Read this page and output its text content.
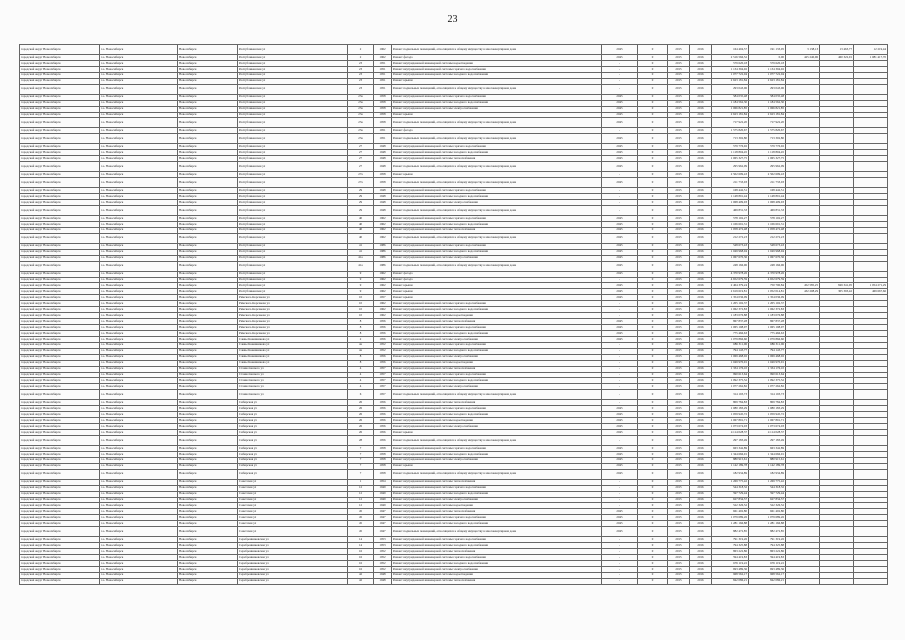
23
городской округ Новосибирск	г.о. Новосибирск	Новосибирск	Республиканская ул	2	1962	Ремонт подвальных помещений, относящихся к общему имуществу в многоквартирном доме	2045	0	2015	2016	164 404,57	191 133,05	3 138,13	13 463,77	12 219,44
городской округ Новосибирск	г.о. Новосибирск	Новосибирск	Республиканская ул	2	1962	Ремонт фасада	2045	0	2015	2016	2 516 566,52	0,00	425 240,96	460 322,91	1 081 417,70
городской округ Новосибирск	г.о. Новосибирск	Новосибирск	Республиканская ул	23	1951	Ремонт внутридомовой инженерной системы водоотведения	-	0	2015	2016	579 620,18	579 620,18			
городской округ Новосибирск	г.о. Новосибирск	Новосибирск	Республиканская ул	23	1951	Ремонт внутридомовой инженерной системы горячего водоснабжения	-	0	2015	2016	1 134 394,92	1 134 394,92			
городской округ Новосибирск	г.о. Новосибирск	Новосибирск	Республиканская ул	23	1951	Ремонт внутридомовой инженерной системы холодного водоснабжения	-	0	2015	2016	1 077 722,04	1 077 722,04			
городской округ Новосибирск	г.о. Новосибирск	Новосибирск	Республиканская ул	23	1951	Ремонт крыши	-	0	2015	2016	2 623 181,84	2 623 181,84			
городской округ Новосибирск	г.о. Новосибирск	Новосибирск	Республиканская ул	23	1951	Ремонт подвальных помещений, относящихся к общему имуществу в многоквартирном доме	-	0	2015	2016	293 043,06	293 043,06			
городской округ Новосибирск	г.о. Новосибирск	Новосибирск	Республиканская ул	23а	1958	Ремонт внутридомовой инженерной системы горячего водоснабжения	2045	0	2015	2016	584 035,48	584 035,48			
городской округ Новосибирск	г.о. Новосибирск	Новосибирск	Республиканская ул	23а	1958	Ремонт внутридомовой инженерной системы холодного водоснабжения	2045	0	2015	2016	1 184 562,30	1 184 562,30			
городской округ Новосибирск	г.о. Новосибирск	Новосибирск	Республиканская ул	23а	1958	Ремонт внутридомовой инженерной системы электроснабжения	2045	0	2015	2016	1 066 821,85	1 066 821,85			
городской округ Новосибирск	г.о. Новосибирск	Новосибирск	Республиканская ул	23а	1958	Ремонт крыши	2045	0	2015	2016	2 623 181,84	2 623 181,84			
городской округ Новосибирск	г.о. Новосибирск	Новосибирск	Республиканская ул	23а	1958	Ремонт подвальных помещений, относящихся к общему имуществу в многоквартирном доме	2045	0	2015	2016	717 922,20	717 922,20			
городской округ Новосибирск	г.о. Новосибирск	Новосибирск	Республиканская ул	23а	1951	Ремонт фасада	-	0	2015	2016	1 575 820,67	1 575 820,67			
городской округ Новосибирск	г.о. Новосибирск	Новосибирск	Республиканская ул	23а	1951	Ремонт подвальных помещений, относящихся к общему имуществу в многоквартирном доме	2045	0	2015	2016	713 302,80	713 302,80			
городской округ Новосибирск	г.о. Новосибирск	Новосибирск	Республиканская ул	27	1948	Ремонт внутридомовой инженерной системы горячего водоснабжения	2045	0	2015	2016	579 776,92	579 776,92			
городской округ Новосибирск	г.о. Новосибирск	Новосибирск	Республиканская ул	27	1948	Ремонт внутридомовой инженерной системы холодного водоснабжения	2045	0	2015	2016	1 118 804,45	1 118 804,45			
городской округ Новосибирск	г.о. Новосибирск	Новосибирск	Республиканская ул	27	1948	Ремонт внутридомовой инженерной системы теплоснабжения	2045	0	2015	2016	1 065 327,75	1 065 327,75			
городской округ Новосибирск	г.о. Новосибирск	Новосибирск	Республиканская ул	27	1948	Ремонт подвальных помещений, относящихся к общему имуществу в многоквартирном доме	2045	0	2015	2016	295 962,09	295 962,09			
городской округ Новосибирск	г.о. Новосибирск	Новосибирск	Республиканская ул	27а	1958	Ремонт крыши	-	0	2015	2016	2 502 699,43	2 502 699,43			
городской округ Новосибирск	г.о. Новосибирск	Новосибирск	Республиканская ул	27а	1958	Ремонт подвальных помещений, относящихся к общему имуществу в многоквартирном доме	2045	0	2015	2016	211 733,03	211 733,03			
городской округ Новосибирск	г.о. Новосибирск	Новосибирск	Республиканская ул	29	1948	Ремонт внутридомовой инженерной системы горячего водоснабжения	-	0	2015	2016	168 442,51	168 442,51			
городской округ Новосибирск	г.о. Новосибирск	Новосибирск	Республиканская ул	29	1948	Ремонт внутридомовой инженерной системы холодного водоснабжения	-	0	2015	2016	1 148 891,44	1 148 891,44			
городской округ Новосибирск	г.о. Новосибирск	Новосибирск	Республиканская ул	29	1948	Ремонт внутридомовой инженерной системы электроснабжения	-	0	2015	2016	1 068 409,93	1 068 409,93			
городской округ Новосибирск	г.о. Новосибирск	Новосибирск	Республиканская ул	29	1948	Ремонт подвальных помещений, относящихся к общему имуществу в многоквартирном доме	-	0	2015	2016	469 831,33	469 831,33			
городской округ Новосибирск	г.о. Новосибирск	Новосибирск	Республиканская ул	40	1962	Ремонт внутридомовой инженерной системы горячего водоснабжения	2045	0	2015	2016	578 102,27	578 102,27			
городской округ Новосибирск	г.о. Новосибирск	Новосибирск	Республиканская ул	40	1962	Ремонт внутридомовой инженерной системы холодного водоснабжения	2045	0	2015	2016	1 106 691,31	1 106 691,31			
городской округ Новосибирск	г.о. Новосибирск	Новосибирск	Республиканская ул	40	1962	Ремонт внутридомовой инженерной системы теплоснабжения	2045	0	2015	2016	1 058 472,48	1 058 472,48			
городской округ Новосибирск	г.о. Новосибирск	Новосибирск	Республиканская ул	40	1962	Ремонт подвальных помещений, относящихся к общему имуществу в многоквартирном доме	2045	0	2015	2016	212 272,23	212 272,23			
городской округ Новосибирск	г.о. Новосибирск	Новосибирск	Республиканская ул	41	1986	Ремонт внутридомовой инженерной системы горячего водоснабжения	2045	0	2015	2016	548 673,43	548 673,43			
городской округ Новосибирск	г.о. Новосибирск	Новосибирск	Республиканская ул	41	1986	Ремонт внутридомовой инженерной системы холодного водоснабжения	2045	0	2015	2016	1 049 968,94	1 049 968,94			
городской округ Новосибирск	г.о. Новосибирск	Новосибирск	Республиканская ул	41а	1986	Ремонт внутридомовой инженерной системы электроснабжения	2045	0	2015	2016	1 067 670,36	1 067 670,36			
городской округ Новосибирск	г.о. Новосибирск	Новосибирск	Республиканская ул	41а	1986	Ремонт подвальных помещений, относящихся к общему имуществу в многоквартирном доме	2045	0	2015	2016	248 166,96	248 166,96			
городской округ Новосибирск	г.о. Новосибирск	Новосибирск	Республиканская ул	9	1962	Ремонт фасада	2045	0	2015	2016	4 370 978,26	4 370 978,26			
городской округ Новосибирск	г.о. Новосибирск	Новосибирск	Республиканская ул	9	1962	Ремонт фасада	-	0	2015	2016	4 652 679,59	4 652 679,59			
городской округ Новосибирск	г.о. Новосибирск	Новосибирск	Республиканская ул	9	1962	Ремонт крыши	2045	0	2015	2016	2 404 379,24	750 790,84	452 585,25	849 341,05	1 054 271,29
городской округ Новосибирск	г.о. Новосибирск	Новосибирск	Республиканская ул	9	1962	Ремонт крыши	2045	0	2015	2016	2 619 619,81	1 052 014,81	432 208,29	305 393,42	469 667,66
городской округ Новосибирск	г.о. Новосибирск	Новосибирск	Римского-Корсакова ул	10	1957	Ремонт крыши	2045	0	2015	2016	1 354 036,09	1 354 036,09			
городской округ Новосибирск	г.о. Новосибирск	Новосибирск	Римского-Корсакова ул	10	1962	Ремонт внутридомовой инженерной системы горячего водоснабжения	-	0	2015	2016	1 205 102,37	1 205 102,37			
городской округ Новосибирск	г.о. Новосибирск	Новосибирск	Римского-Корсакова ул	10	1962	Ремонт внутридомовой инженерной системы холодного водоснабжения	-	0	2015	2016	1 062 372,83	1 062 372,83			
городской округ Новосибирск	г.о. Новосибирск	Новосибирск	Римского-Корсакова ул	10	1962	Ремонт внутридомовой инженерной системы водоотведения	-	0	2015	2016	1 183 076,88	1 183 076,88			
городской округ Новосибирск	г.о. Новосибирск	Новосибирск	Римского-Корсакова ул	8	1956	Ремонт внутридомовой инженерной системы теплоснабжения	2045	0	2015	2016	867 837,28	867 837,28			
городской округ Новосибирск	г.о. Новосибирск	Новосибирск	Римского-Корсакова ул	8	1956	Ремонт внутридомовой инженерной системы горячего водоснабжения	2045	0	2015	2016	1 065 198,97	1 065 198,97			
городской округ Новосибирск	г.о. Новосибирск	Новосибирск	Римского-Корсакова ул	8	1956	Ремонт внутридомовой инженерной системы холодного водоснабжения	2045	0	2015	2016	775 466,63	775 466,63			
городской округ Новосибирск	г.о. Новосибирск	Новосибирск	Саввы Кожевникова ул	2	1956	Ремонт внутридомовой инженерной системы электроснабжения	2045	0	2015	2016	1 079 866,60	1 079 866,60			
городской округ Новосибирск	г.о. Новосибирск	Новосибирск	Саввы Кожевникова ул	4а	1952	Ремонт внутридомовой инженерной системы горячего водоснабжения	-	0	2015	2016	686 311,06	686 311,06			
городской округ Новосибирск	г.о. Новосибирск	Новосибирск	Саввы Кожевникова ул	4а	1952	Ремонт внутридомовой инженерной системы холодного водоснабжения	-	0	2015	2016	794 143,77	794 143,77			
городской округ Новосибирск	г.о. Новосибирск	Новосибирск	Саввы Кожевникова ул	8	1956	Ремонт внутридомовой инженерной системы электроснабжения	-	0	2015	2016	1 069 468,02	1 069 468,02			
городской округ Новосибирск	г.о. Новосибирск	Новосибирск	Саввы Кожевникова ул	8	1956	Ремонт внутридомовой инженерной системы водоотведения	-	0	2015	2016	1 049 970,91	1 049 970,91			
городской округ Новосибирск	г.о. Новосибирск	Новосибирск	Станиславского ул	4	1957	Ремонт внутридомовой инженерной системы теплоснабжения	-	0	2015	2016	1 334 176,10	1 334 176,10			
городской округ Новосибирск	г.о. Новосибирск	Новосибирск	Станиславского ул	4	1957	Ремонт внутридомовой инженерной системы горячего водоснабжения	-	0	2015	2016	990 613,64	990 613,64			
городской округ Новосибирск	г.о. Новосибирск	Новосибирск	Станиславского ул	4	1957	Ремонт внутридомовой инженерной системы холодного водоснабжения	-	0	2015	2016	1 092 375,52	1 092 375,52			
городской округ Новосибирск	г.о. Новосибирск	Новосибирск	Станиславского ул	4	1957	Ремонт внутридомовой инженерной системы электроснабжения	-	0	2015	2016	1 077 262,82	1 077 262,82			
городской округ Новосибирск	г.о. Новосибирск	Новосибирск	Станиславского ул	6	1957	Ремонт подвальных помещений, относящихся к общему имуществу в многоквартирном доме	-	0	2015	2016	314 193,73	314 193,73			
городской округ Новосибирск	г.о. Новосибирск	Новосибирск	Сибирская ул	26	1956	Ремонт внутридомовой инженерной системы теплоснабжения	-	0	2015	2016	809 784,83	809 784,83			
городской округ Новосибирск	г.о. Новосибирск	Новосибирск	Сибирская ул	26	1956	Ремонт внутридомовой инженерной системы горячего водоснабжения	2045	0	2015	2016	1 080 183,29	1 080 183,29			
городской округ Новосибирск	г.о. Новосибирск	Новосибирск	Сибирская ул	26	1956	Ремонт внутридомовой инженерной системы холодного водоснабжения	2045	0	2015	2016	1 059 945,72	1 059 945,72			
городской округ Новосибирск	г.о. Новосибирск	Новосибирск	Сибирская ул	26	1956	Ремонт внутридомовой инженерной системы водоотведения	2045	0	2015	2016	1 067 891,71	1 067 891,71			
городской округ Новосибирск	г.о. Новосибирск	Новосибирск	Сибирская ул	26	1956	Ремонт внутридомовой инженерной системы электроснабжения	2045	0	2015	2016	1 073 674,03	1 073 674,03			
городской округ Новосибирск	г.о. Новосибирск	Новосибирск	Сибирская ул	26	1956	Ремонт крыши	2045	0	2015	2016	4 114 028,37	4 114 028,37			
городской округ Новосибирск	г.о. Новосибирск	Новосибирск	Сибирская ул	28	1956	Ремонт подвальных помещений, относящихся к общему имуществу в многоквартирном доме	-	0	2015	2016	297 183,49	297 183,49			
городской округ Новосибирск	г.о. Новосибирск	Новосибирск	Сибирская ул	7	1958	Ремонт внутридомовой инженерной системы горячего водоснабжения	2045	0	2015	2016	663 342,89	663 342,89			
городской округ Новосибирск	г.о. Новосибирск	Новосибирск	Сибирская ул	7	1958	Ремонт внутридомовой инженерной системы холодного водоснабжения	2045	0	2015	2016	1 344 666,91	1 344 666,91			
городской округ Новосибирск	г.о. Новосибирск	Новосибирск	Сибирская ул	7	1958	Ремонт внутридомовой инженерной системы электроснабжения	2045	0	2015	2016	880 915,61	880 915,61			
городской округ Новосибирск	г.о. Новосибирск	Новосибирск	Сибирская ул	7	1958	Ремонт крыши	2045	0	2015	2016	1 142 189,78	1 142 189,78			
городской округ Новосибирск	г.о. Новосибирск	Новосибирск	Сибирская ул	7	1958	Ремонт подвальных помещений, относящихся к общему имуществу в многоквартирном доме	2045	0	2015	2016	182 934,89	182 934,89			
городской округ Новосибирск	г.о. Новосибирск	Новосибирск	Советская ул	1	1954	Ремонт внутридомовой инженерной системы теплоснабжения	-	0	2015	2016	1 269 775,42	1 269 775,42			
городской округ Новосибирск	г.о. Новосибирск	Новосибирск	Советская ул	12	1949	Ремонт внутридомовой инженерной системы горячего водоснабжения	-	0	2015	2016	544 318,32	544 318,32			
городской округ Новосибирск	г.о. Новосибирск	Новосибирск	Советская ул	12	1949	Ремонт внутридомовой инженерной системы холодного водоснабжения	-	0	2015	2016	597 729,44	597 729,44			
городской округ Новосибирск	г.о. Новосибирск	Новосибирск	Советская ул	12	1949	Ремонт внутридомовой инженерной системы электроснабжения	-	0	2015	2016	627 834,57	627 834,57			
городской округ Новосибирск	г.о. Новосибирск	Новосибирск	Советская ул	12	1949	Ремонт внутридомовой инженерной системы водоотведения	-	0	2015	2016	522 326,52	522 326,52			
городской округ Новосибирск	г.о. Новосибирск	Новосибирск	Советская ул	45	1947	Ремонт внутридомовой инженерной системы теплоснабжения	2045	0	2015	2016	661 402,80	661 402,80			
городской округ Новосибирск	г.о. Новосибирск	Новосибирск	Советская ул	45	1947	Ремонт внутридомовой инженерной системы горячего водоснабжения	2045	0	2015	2016	1 079 689,26	1 079 689,26			
городской округ Новосибирск	г.о. Новосибирск	Новосибирск	Советская ул	45	1947	Ремонт внутридомовой инженерной системы холодного водоснабжения	2045	0	2015	2016	1 281 166,88	1 281 166,88			
городской округ Новосибирск	г.о. Новосибирск	Новосибирск	Советская ул	45	1947	Ремонт подвальных помещений, относящихся к общему имуществу в многоквартирном доме	2045	0	2015	2016	882 472,85	882 472,85			
городской округ Новосибирск	г.о. Новосибирск	Новосибирск	Серебренниковская ул	14	1953	Ремонт внутридомовой инженерной системы горячего водоснабжения	-	0	2015	2016	791 319,26	791 319,26			
городской округ Новосибирск	г.о. Новосибирск	Новосибирск	Серебренниковская ул	14	1953	Ремонт внутридомовой инженерной системы холодного водоснабжения	-	0	2015	2016	794 325,88	794 325,88			
городской округ Новосибирск	г.о. Новосибирск	Новосибирск	Серебренниковская ул	16	1952	Ремонт внутридомовой инженерной системы теплоснабжения	-	0	2015	2016	863 222,86	863 222,86			
городской округ Новосибирск	г.о. Новосибирск	Новосибирск	Серебренниковская ул	16	1952	Ремонт внутридомовой инженерной системы горячего водоснабжения	-	0	2015	2016	594 419,83	594 419,83			
городской округ Новосибирск	г.о. Новосибирск	Новосибирск	Серебренниковская ул	16	1952	Ремонт внутридомовой инженерной системы холодного водоснабжения	-	0	2015	2016	676 119,22	676 119,22			
городской округ Новосибирск	г.о. Новосибирск	Новосибирск	Серебренниковская ул	16	1952	Ремонт внутридомовой инженерной системы электроснабжения	-	0	2015	2016	693 489,36	693 489,36			
городской округ Новосибирск	г.о. Новосибирск	Новосибирск	Серебренниковская ул	42	1948	Ремонт внутридомовой инженерной системы водоотведения	-	0	2015	2016	968 562,17	968 562,17			
городской округ Новосибирск	г.о. Новосибирск	Новосибирск	Серебренниковская ул	42	1948	Ремонт внутридомовой инженерной системы теплоснабжения	-	0	2015	2016	842 086,21	842 086,21			
